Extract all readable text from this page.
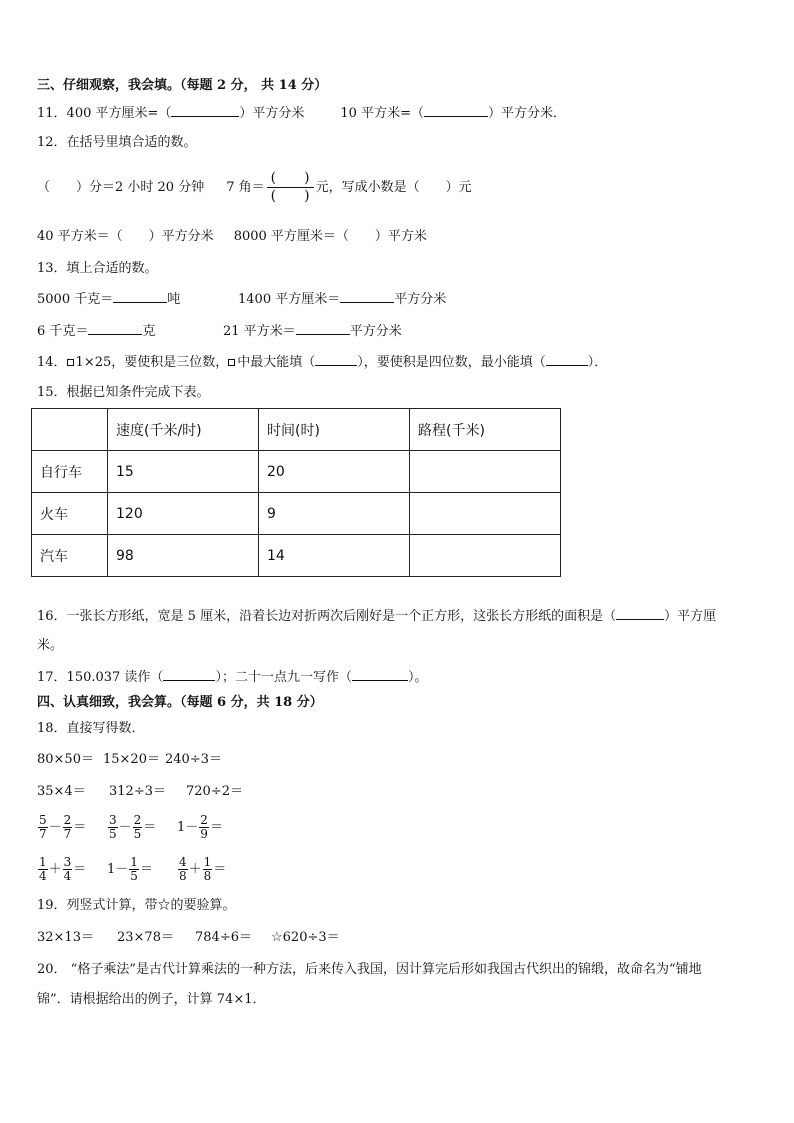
三、仔细观察，我会填。（每题 2 分， 共 14 分）
11．400 平方厘米=（	）平方分米	10 平方米=（	）平方分米．
12．在括号里填合适的数。
（　　）分＝2 小时 20 分钟 7 角＝
(　　)
(　　)
元，写成小数是（　　）元
40 平方米＝（　　）平方分米 8000 平方厘米＝（　　）平方米
13．填上合适的数。
5000 千克＝	吨	1400 平方厘米＝	平方分米
6 千克＝	克	21 平方米＝	平方分米
14． 1×25，要使积是三位数， 中最大能填（	），要使积是四位数，最小能填（	）．
15．根据已知条件完成下表。
	速度(千米/时)	时间(时)	路程(千米)
自行车	15	20	
火车	120	9	
汽车	98	14	
16．一张长方形纸，宽是 5 厘米，沿着长边对折两次后刚好是一个正方形，这张长方形纸的面积是（	）平方厘
米。
17．150.037 读作（	）；二十一点九一写作（	）。
四、认真细致，我会算。（每题 6 分，共 18 分）
18．直接写得数．
80×50＝ 15×20＝ 240÷3＝
35×4＝ 312÷3＝ 720÷2＝
$\frac{5}{7} - \frac{2}{7} = \frac{3}{5} - \frac{2}{5} = 1- \frac{2}{9}$ ＝
$\frac{1}{4} + \frac{3}{4} = 1- \frac{1}{5} = \frac{4}{8} + \frac{1}{8}$ ＝
19．列竖式计算，带☆的要验算。
32×13＝ 23×78＝ 784÷6＝ ☆620÷3＝
20． “格子乘法”是古代计算乘法的一种方法，后来传入我国，因计算完后形如我国古代织出的锦缎，故命名为“铺地
锦”．请根据给出的例子，计算 74×1．
